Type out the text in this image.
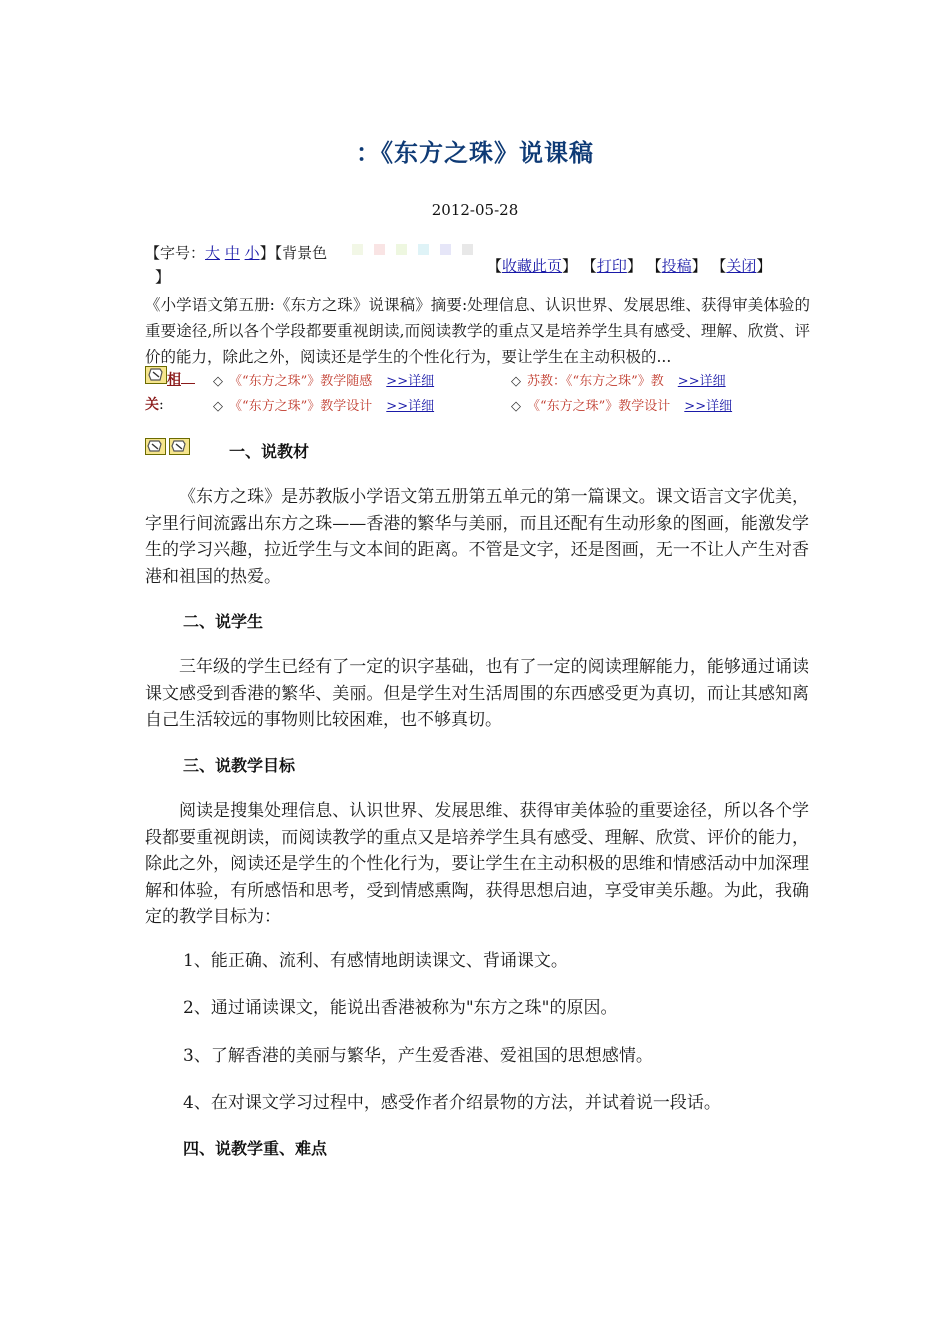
：《东方之珠》说课稿
2012-05-28
【字号：大 中 小】【背景色
】
【收藏此页】 【打印】 【投稿】 【关闭】
《小学语文第五册:《东方之珠》说课稿》摘要:处理信息、认识世界、发展思维、获得审美体验的重要途径,所以各个学段都要重视朗读,而阅读教学的重点又是培养学生具有感受、理解、欣赏、评价的能力，除此之外，阅读还是学生的个性化行为，要让学生在主动积极的...
相
关:
◇ 《“东方之珠”》教学随感 >>详细	◇ 苏教：《“东方之珠”》教 >>详细
◇ 《“东方之珠”》教学设计 >>详细	◇ 《“东方之珠”》教学设计 >>详细
一、说教材
《东方之珠》是苏教版小学语文第五册第五单元的第一篇课文。课文语言文字优美，字里行间流露出东方之珠——香港的繁华与美丽，而且还配有生动形象的图画，能激发学生的学习兴趣，拉近学生与文本间的距离。不管是文字，还是图画，无一不让人产生对香港和祖国的热爱。
二、说学生
三年级的学生已经有了一定的识字基础，也有了一定的阅读理解能力，能够通过诵读课文感受到香港的繁华、美丽。但是学生对生活周围的东西感受更为真切，而让其感知离自己生活较远的事物则比较困难，也不够真切。
三、说教学目标
阅读是搜集处理信息、认识世界、发展思维、获得审美体验的重要途径，所以各个学段都要重视朗读，而阅读教学的重点又是培养学生具有感受、理解、欣赏、评价的能力，除此之外，阅读还是学生的个性化行为，要让学生在主动积极的思维和情感活动中加深理解和体验，有所感悟和思考，受到情感熏陶，获得思想启迪，享受审美乐趣。为此，我确定的教学目标为：
1、能正确、流利、有感情地朗读课文、背诵课文。
2、通过诵读课文，能说出香港被称为"东方之珠"的原因。
3、了解香港的美丽与繁华，产生爱香港、爱祖国的思想感情。
4、在对课文学习过程中，感受作者介绍景物的方法，并试着说一段话。
四、说教学重、难点
